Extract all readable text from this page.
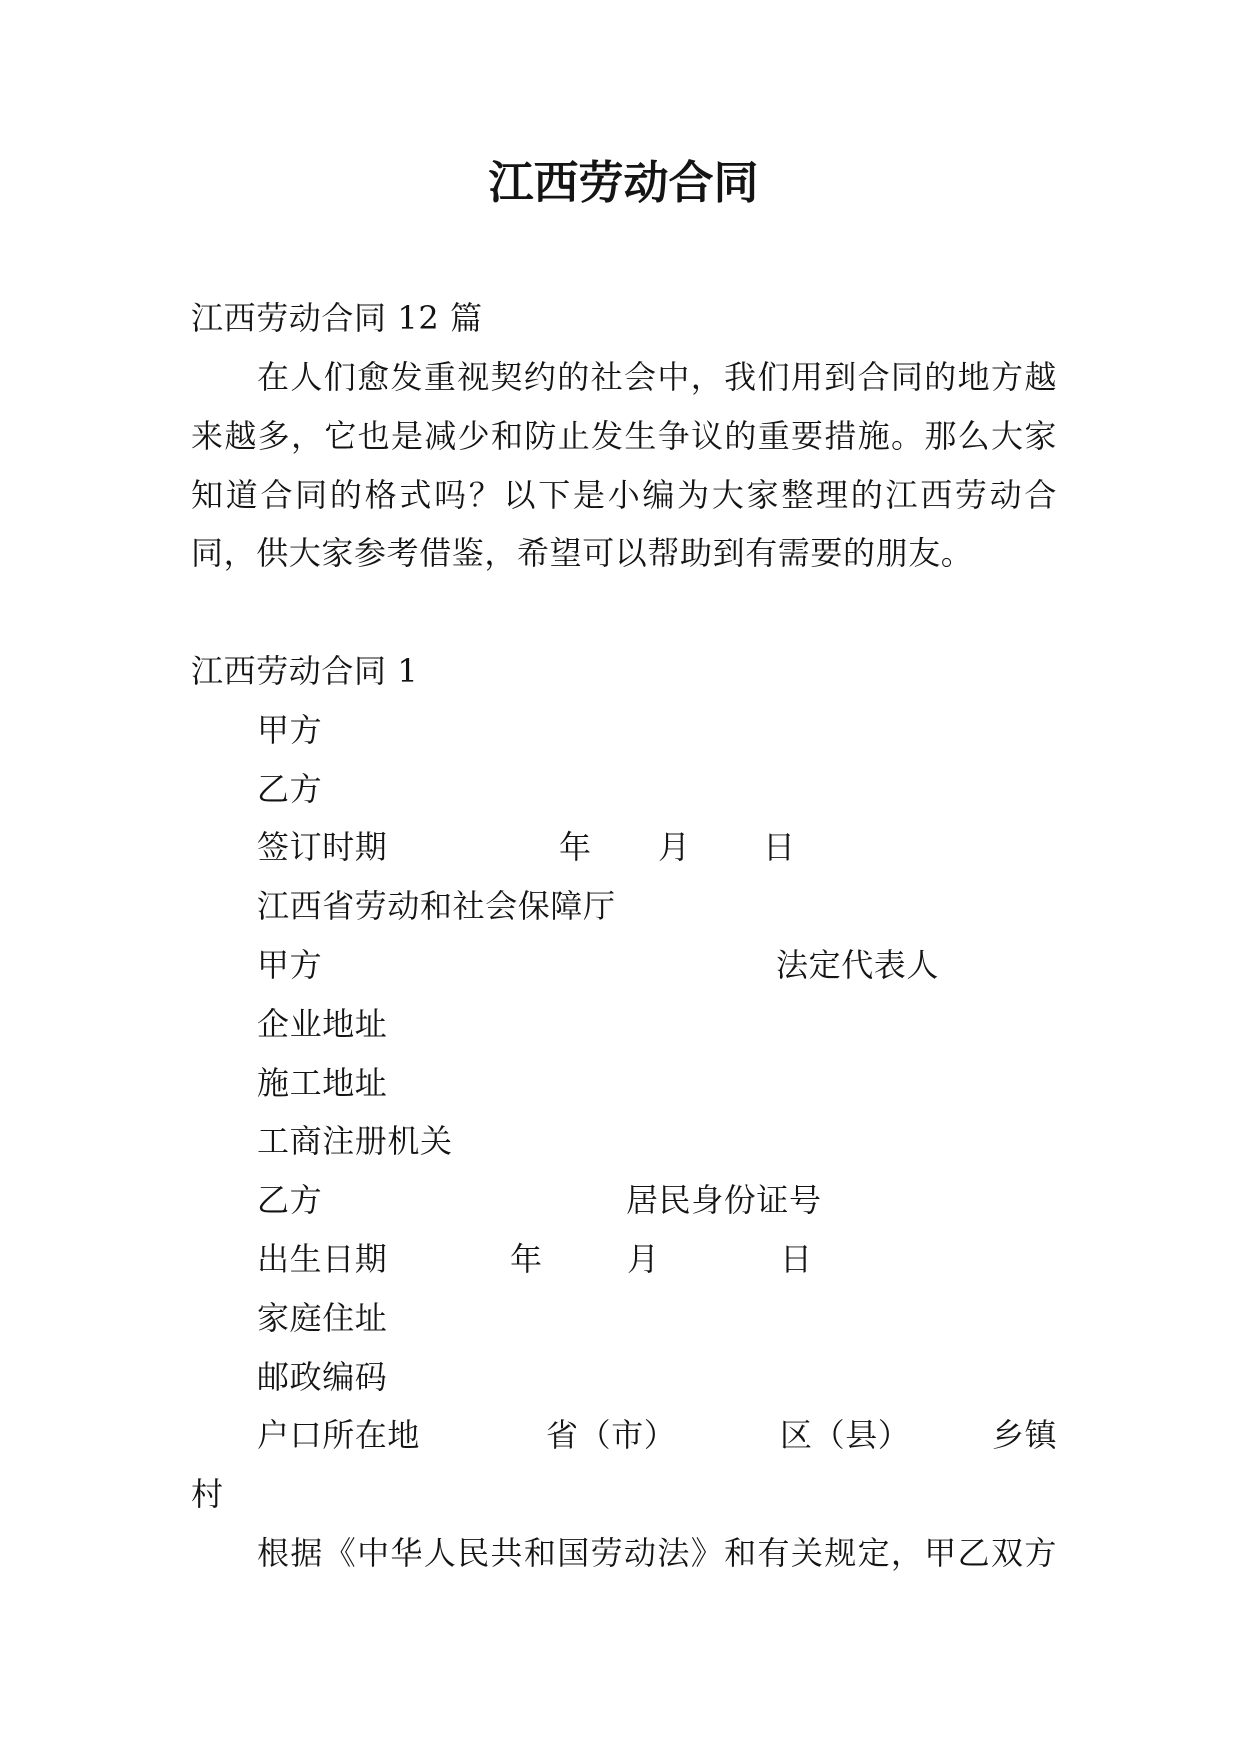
江西劳动合同
江西劳动合同 12 篇
在人们愈发重视契约的社会中，我们用到合同的地方越
来越多，它也是减少和防止发生争议的重要措施。那么大家
知道合同的格式吗？以下是小编为大家整理的江西劳动合
同，供大家参考借鉴，希望可以帮助到有需要的朋友。
江西劳动合同 1
甲方
乙方
签订时期	年 月 日
江西省劳动和社会保障厅
甲方	法定代表人
企业地址
施工地址
工商注册机关
乙方	居民身份证号
出生日期	年	月	日
家庭住址
邮政编码
户口所在地	省（市）	区（县）	乡镇
村
根据《中华人民共和国劳动法》和有关规定，甲乙双方
